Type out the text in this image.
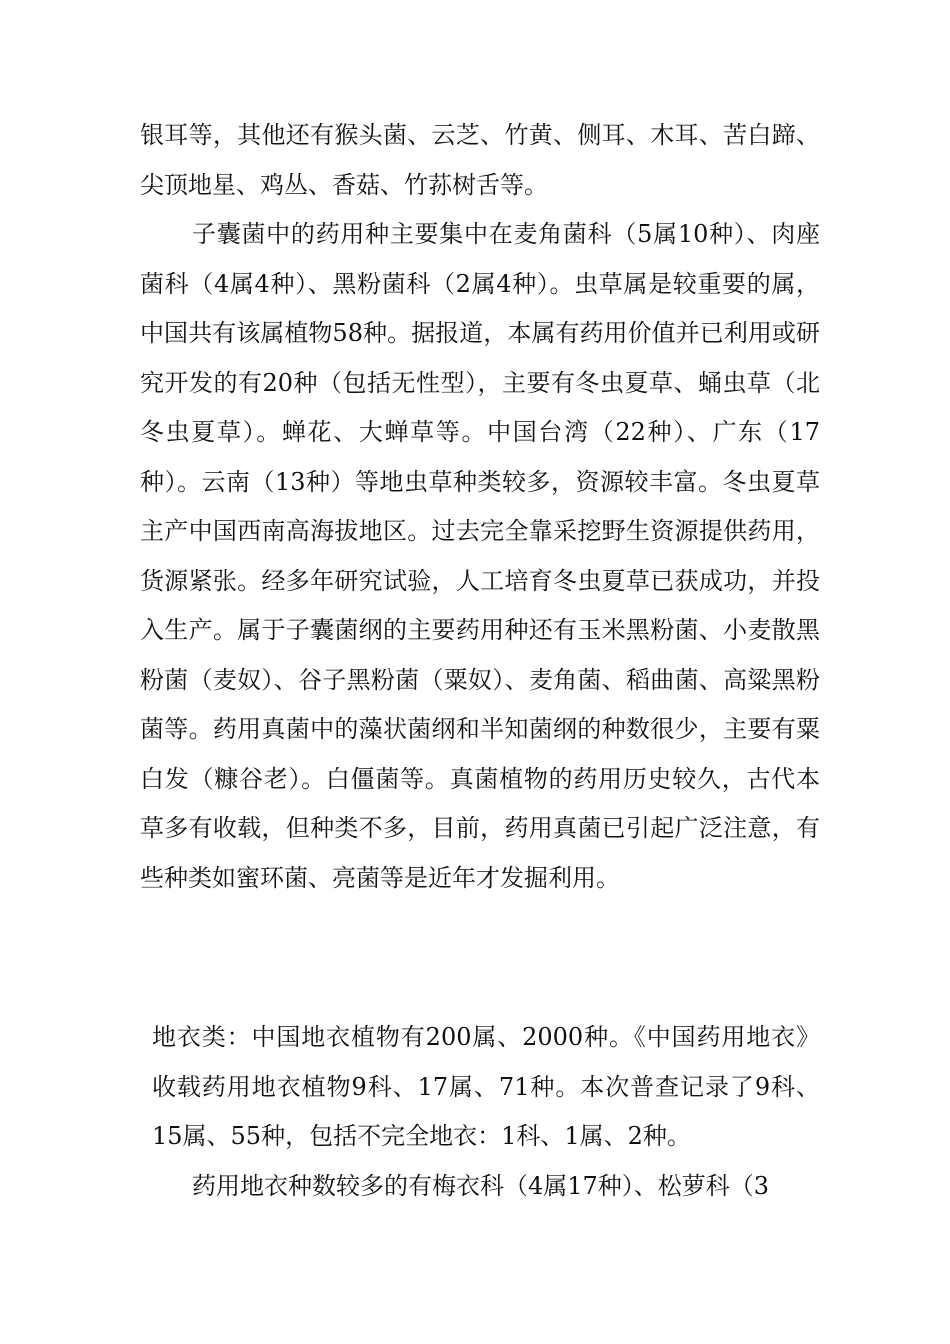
银耳等，其他还有猴头菌、云芝、竹黄、侧耳、木耳、苦白蹄、尖顶地星、鸡丛、香菇、竹荪树舌等。

子囊菌中的药用种主要集中在麦角菌科（5属10种）、肉座菌科（4属4种）、黑粉菌科（2属4种）。虫草属是较重要的属，中国共有该属植物58种。据报道，本属有药用价值并已利用或研究开发的有20种（包括无性型），主要有冬虫夏草、蛹虫草（北冬虫夏草）。蝉花、大蝉草等。中国台湾（22种）、广东（17种）。云南（13种）等地虫草种类较多，资源较丰富。冬虫夏草主产中国西南高海拔地区。过去完全靠采挖野生资源提供药用，货源紧张。经多年研究试验，人工培育冬虫夏草已获成功，并投入生产。属于子囊菌纲的主要药用种还有玉米黑粉菌、小麦散黑粉菌（麦奴）、谷子黑粉菌（粟奴）、麦角菌、稻曲菌、高粱黑粉菌等。药用真菌中的藻状菌纲和半知菌纲的种数很少，主要有粟白发（糠谷老）。白僵菌等。真菌植物的药用历史较久，古代本草多有收载，但种类不多，目前，药用真菌已引起广泛注意，有些种类如蜜环菌、亮菌等是近年才发掘利用。

地衣类：中国地衣植物有200属、2000种。《中国药用地衣》收载药用地衣植物9科、17属、71种。本次普查记录了9科、15属、55种，包括不完全地衣：1科、1属、2种。

药用地衣种数较多的有梅衣科（4属17种）、松萝科（3
